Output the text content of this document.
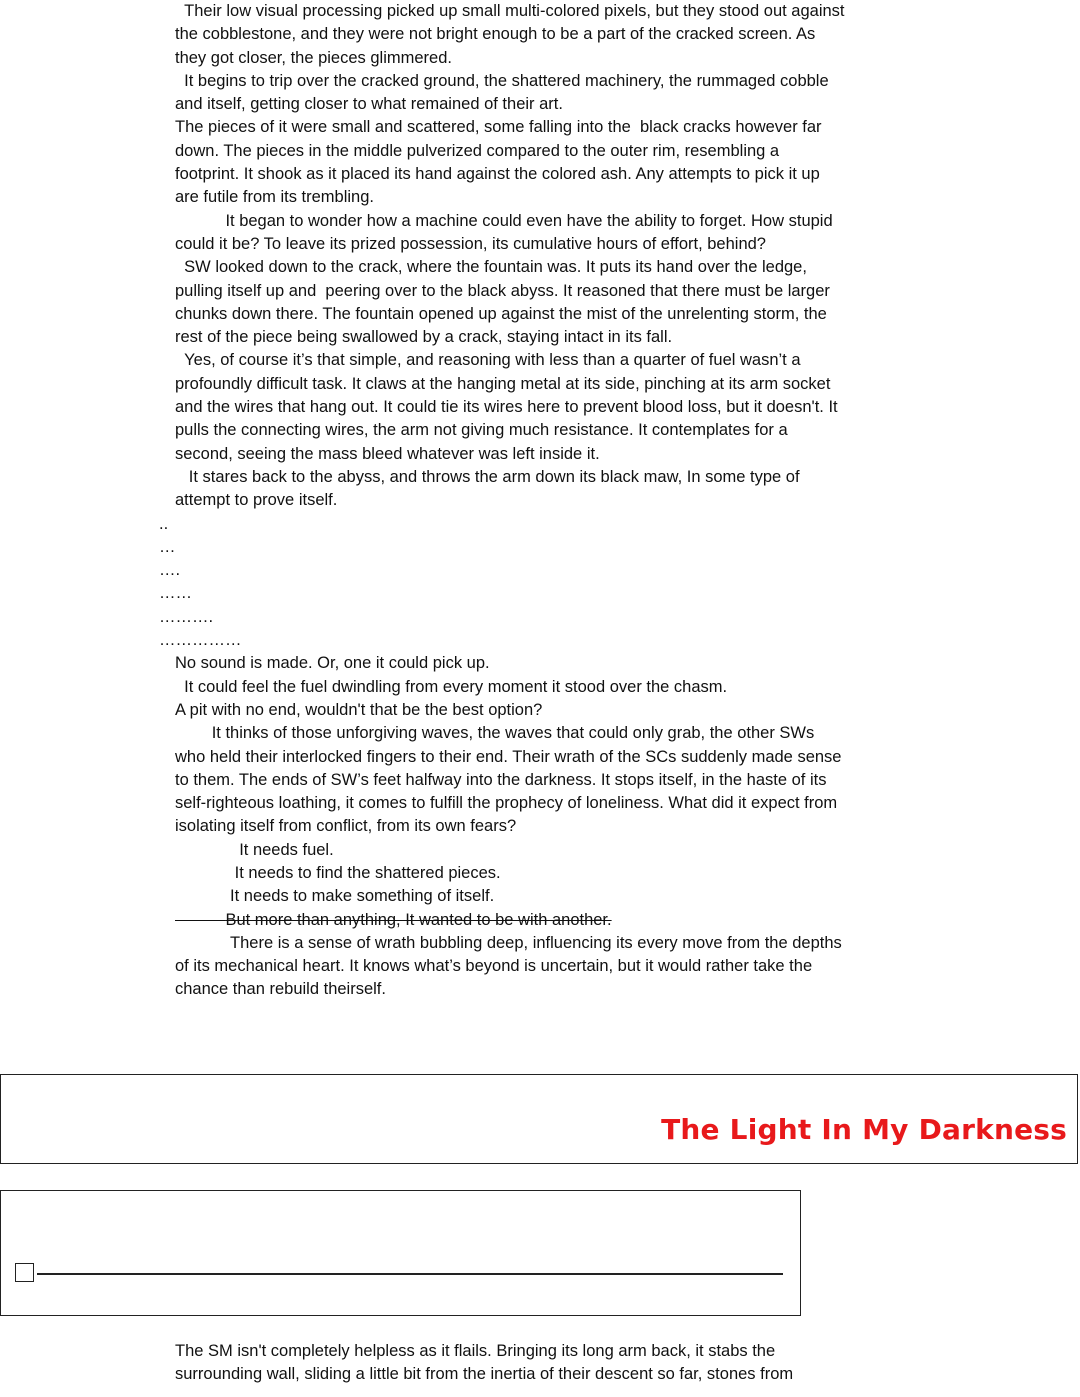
Their low visual processing picked up small multi-colored pixels, but they stood out against the cobblestone, and they were not bright enough to be a part of the cracked screen. As they got closer, the pieces glimmered.

It begins to trip over the cracked ground, the shattered machinery, the rummaged cobble and itself, getting closer to what remained of their art.

The pieces of it were small and scattered, some falling into the  black cracks however far down. The pieces in the middle pulverized compared to the outer rim, resembling a footprint. It shook as it placed its hand against the colored ash. Any attempts to pick it up are futile from its trembling.

It began to wonder how a machine could even have the ability to forget. How stupid could it be? To leave its prized possession, its cumulative hours of effort, behind?

SW looked down to the crack, where the fountain was. It puts its hand over the ledge, pulling itself up and  peering over to the black abyss. It reasoned that there must be larger chunks down there. The fountain opened up against the mist of the unrelenting storm, the rest of the piece being swallowed by a crack, staying intact in its fall.

Yes, of course it’s that simple, and reasoning with less than a quarter of fuel wasn’t a profoundly difficult task. It claws at the hanging metal at its side, pinching at its arm socket and the wires that hang out. It could tie its wires here to prevent blood loss, but it doesn't. It pulls the connecting wires, the arm not giving much resistance. It contemplates for a second, seeing the mass bleed whatever was left inside it.

It stares back to the abyss, and throws the arm down its black maw, In some type of attempt to prove itself.

..

…

….

……

……….

……………

No sound is made. Or, one it could pick up.

It could feel the fuel dwindling from every moment it stood over the chasm.

A pit with no end, wouldn't that be the best option?

It thinks of those unforgiving waves, the waves that could only grab, the other SWs who held their interlocked fingers to their end. Their wrath of the SCs suddenly made sense to them. The ends of SW’s feet halfway into the darkness. It stops itself, in the haste of its self-righteous loathing, it comes to fulfill the prophecy of loneliness. What did it expect from isolating itself from conflict, from its own fears?

It needs fuel.

It needs to find the shattered pieces.

It needs to make something of itself.

But more than anything, It wanted to be with another.

There is a sense of wrath bubbling deep, influencing its every move from the depths of its mechanical heart. It knows what’s beyond is uncertain, but it would rather take the chance than rebuild theirself.

The Light In My Darkness

The SM isn't completely helpless as it flails. Bringing its long arm back, it stabs the surrounding wall, sliding a little bit from the inertia of their descent so far, stones from
